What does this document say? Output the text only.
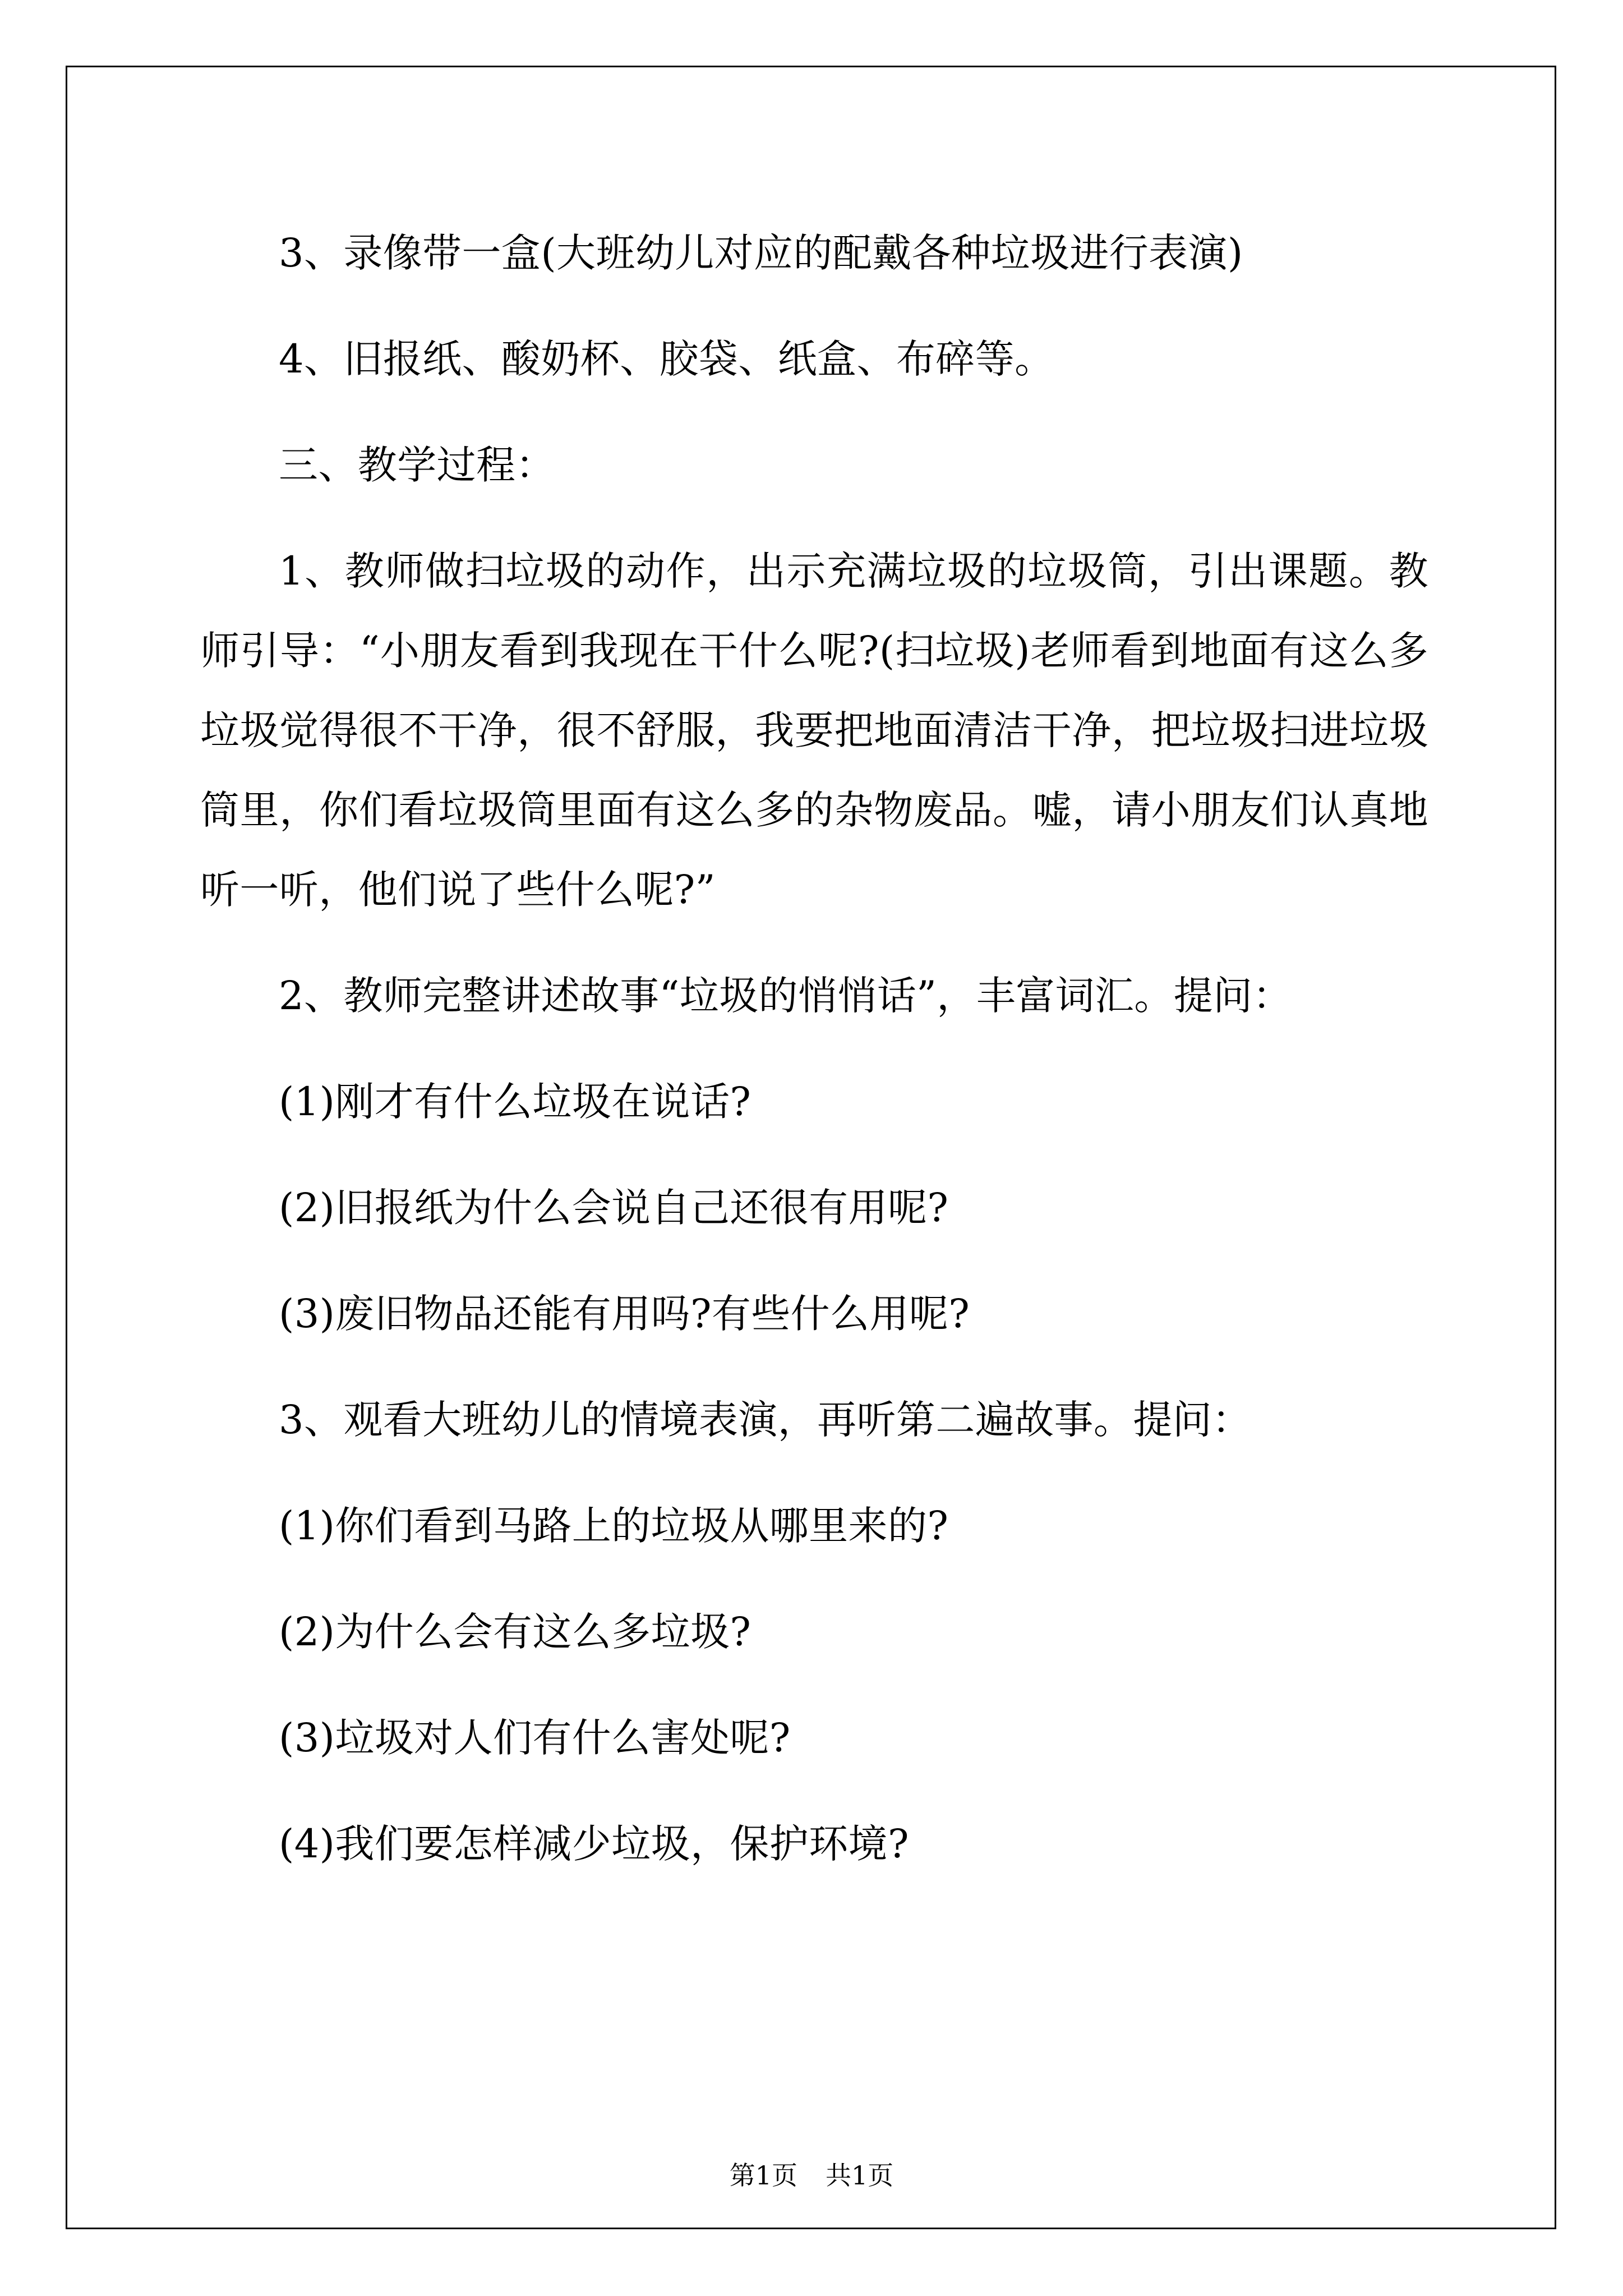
3、录像带一盒(大班幼儿对应的配戴各种垃圾进行表演)

4、旧报纸、酸奶杯、胶袋、纸盒、布碎等。

三、教学过程：

1、教师做扫垃圾的动作，出示充满垃圾的垃圾筒，引出课题。教师引导：“小朋友看到我现在干什么呢?(扫垃圾)老师看到地面有这么多垃圾觉得很不干净，很不舒服，我要把地面清洁干净，把垃圾扫进垃圾筒里，你们看垃圾筒里面有这么多的杂物废品。嘘，请小朋友们认真地听一听，他们说了些什么呢?”

2、教师完整讲述故事“垃圾的悄悄话”，丰富词汇。提问：

(1)刚才有什么垃圾在说话?

(2)旧报纸为什么会说自己还很有用呢?

(3)废旧物品还能有用吗?有些什么用呢?

3、观看大班幼儿的情境表演，再听第二遍故事。提问：

(1)你们看到马路上的垃圾从哪里来的?

(2)为什么会有这么多垃圾?

(3)垃圾对人们有什么害处呢?

(4)我们要怎样减少垃圾，保护环境?

第1页 共1页
